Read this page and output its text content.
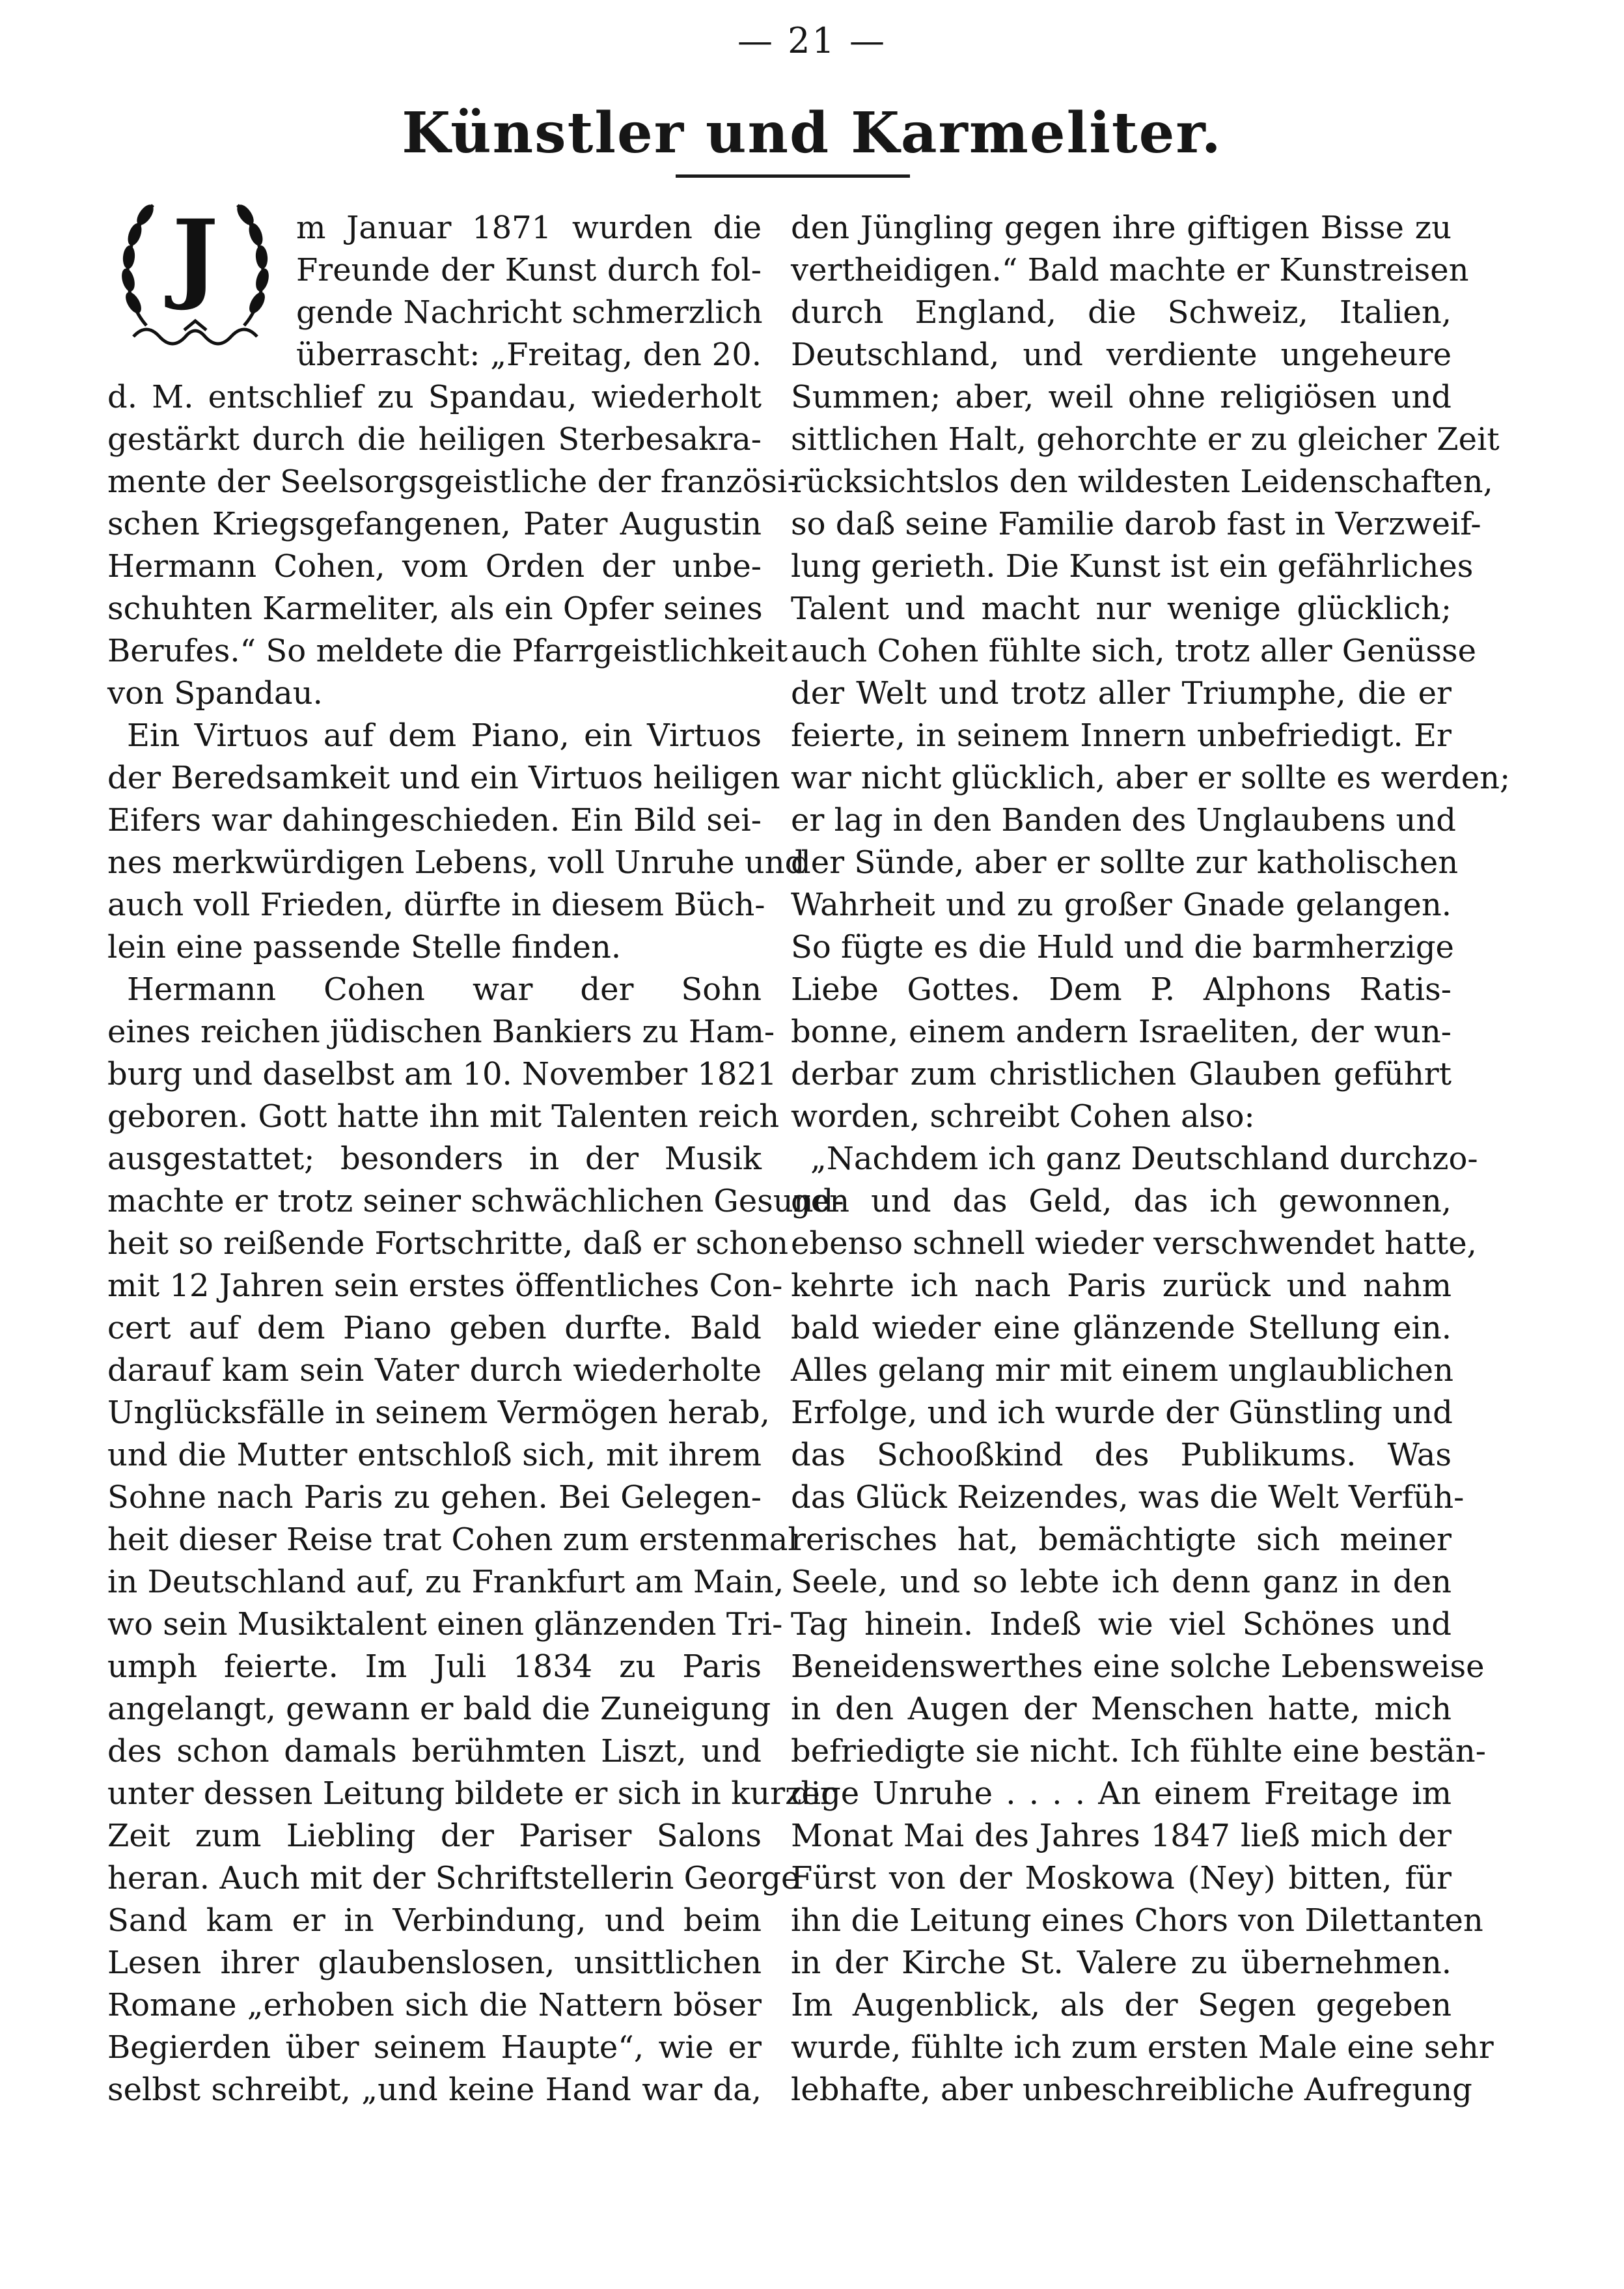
— 21 —
Künstler und Karmeliter.
J	m Januar 1871 wurden die
Freunde der Kunst durch fol-
gende Nachricht schmerzlich
überrascht: „Freitag, den 20.
d. M. entschlief zu Spandau, wiederholt
gestärkt durch die heiligen Sterbesakra-
mente der Seelsorgsgeistliche der französi-
schen Kriegsgefangenen, Pater Augustin
Hermann Cohen, vom Orden der unbe-
schuhten Karmeliter, als ein Opfer seines
Berufes.“ So meldete die Pfarrgeistlichkeit
von Spandau.
Ein Virtuos auf dem Piano, ein Virtuos
der Beredsamkeit und ein Virtuos heiligen
Eifers war dahingeschieden. Ein Bild sei-
nes merkwürdigen Lebens, voll Unruhe und
auch voll Frieden, dürfte in diesem Büch-
lein eine passende Stelle finden.
Hermann Cohen war der Sohn
eines reichen jüdischen Bankiers zu Ham-
burg und daselbst am 10. November 1821
geboren. Gott hatte ihn mit Talenten reich
ausgestattet; besonders in der Musik
machte er trotz seiner schwächlichen Gesund-
heit so reißende Fortschritte, daß er schon
mit 12 Jahren sein erstes öffentliches Con-
cert auf dem Piano geben durfte. Bald
darauf kam sein Vater durch wiederholte
Unglücksfälle in seinem Vermögen herab,
und die Mutter entschloß sich, mit ihrem
Sohne nach Paris zu gehen. Bei Gelegen-
heit dieser Reise trat Cohen zum erstenmal
in Deutschland auf, zu Frankfurt am Main,
wo sein Musiktalent einen glänzenden Tri-
umph feierte. Im Juli 1834 zu Paris
angelangt, gewann er bald die Zuneigung
des schon damals berühmten Liszt, und
unter dessen Leitung bildete er sich in kurzer
Zeit zum Liebling der Pariser Salons
heran. Auch mit der Schriftstellerin George
Sand kam er in Verbindung, und beim
Lesen ihrer glaubenslosen, unsittlichen
Romane „erhoben sich die Nattern böser
Begierden über seinem Haupte“, wie er
selbst schreibt, „und keine Hand war da,
den Jüngling gegen ihre giftigen Bisse zu
vertheidigen.“ Bald machte er Kunstreisen
durch England, die Schweiz, Italien,
Deutschland, und verdiente ungeheure
Summen; aber, weil ohne religiösen und
sittlichen Halt, gehorchte er zu gleicher Zeit
rücksichtslos den wildesten Leidenschaften,
so daß seine Familie darob fast in Verzweif-
lung gerieth. Die Kunst ist ein gefährliches
Talent und macht nur wenige glücklich;
auch Cohen fühlte sich, trotz aller Genüsse
der Welt und trotz aller Triumphe, die er
feierte, in seinem Innern unbefriedigt. Er
war nicht glücklich, aber er sollte es werden;
er lag in den Banden des Unglaubens und
der Sünde, aber er sollte zur katholischen
Wahrheit und zu großer Gnade gelangen.
So fügte es die Huld und die barmherzige
Liebe Gottes. Dem P. Alphons Ratis-
bonne, einem andern Israeliten, der wun-
derbar zum christlichen Glauben geführt
worden, schreibt Cohen also:
„Nachdem ich ganz Deutschland durchzo-
gen und das Geld, das ich gewonnen,
ebenso schnell wieder verschwendet hatte,
kehrte ich nach Paris zurück und nahm
bald wieder eine glänzende Stellung ein.
Alles gelang mir mit einem unglaublichen
Erfolge, und ich wurde der Günstling und
das Schooßkind des Publikums. Was
das Glück Reizendes, was die Welt Verfüh-
rerisches hat, bemächtigte sich meiner
Seele, und so lebte ich denn ganz in den
Tag hinein. Indeß wie viel Schönes und
Beneidenswerthes eine solche Lebensweise
in den Augen der Menschen hatte, mich
befriedigte sie nicht. Ich fühlte eine bestän-
dige Unruhe . . . . An einem Freitage im
Monat Mai des Jahres 1847 ließ mich der
Fürst von der Moskowa (Ney) bitten, für
ihn die Leitung eines Chors von Dilettanten
in der Kirche St. Valere zu übernehmen.
Im Augenblick, als der Segen gegeben
wurde, fühlte ich zum ersten Male eine sehr
lebhafte, aber unbeschreibliche Aufregung
